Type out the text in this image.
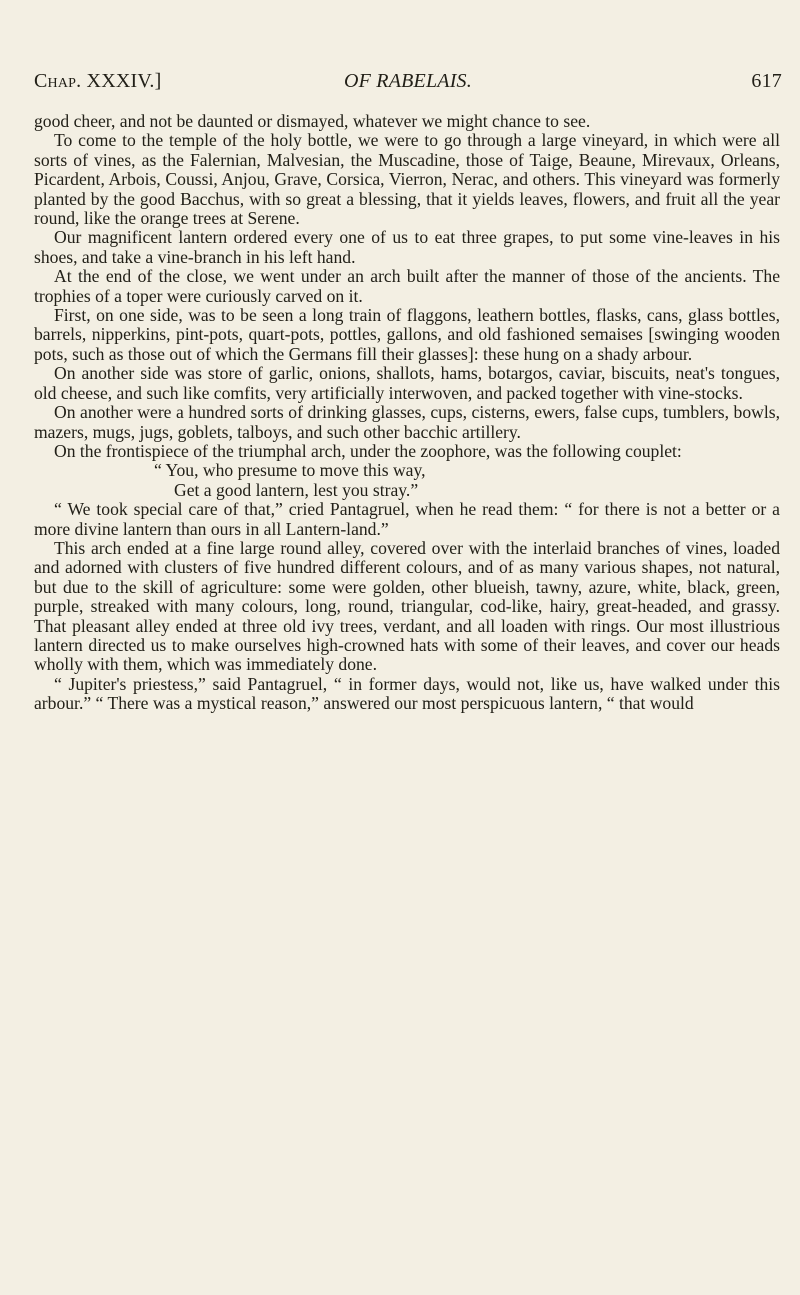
Chap. XXXIV.]	OF RABELAIS.	617

good cheer, and not be daunted or dismayed, whatever we might chance to see.

To come to the temple of the holy bottle, we were to go through a large vineyard, in which were all sorts of vines, as the Falernian, Malvesian, the Muscadine, those of Taige, Beaune, Mirevaux, Orleans, Picardent, Arbois, Coussi, Anjou, Grave, Corsica, Vierron, Nerac, and others. This vineyard was formerly planted by the good Bacchus, with so great a blessing, that it yields leaves, flowers, and fruit all the year round, like the orange trees at Serene.

Our magnificent lantern ordered every one of us to eat three grapes, to put some vine-leaves in his shoes, and take a vine-branch in his left hand.

At the end of the close, we went under an arch built after the manner of those of the ancients. The trophies of a toper were curiously carved on it.

First, on one side, was to be seen a long train of flaggons, leathern bottles, flasks, cans, glass bottles, barrels, nipperkins, pint-pots, quart-pots, pottles, gallons, and old fashioned semaises [swinging wooden pots, such as those out of which the Germans fill their glasses]: these hung on a shady arbour.

On another side was store of garlic, onions, shallots, hams, botargos, caviar, biscuits, neat's tongues, old cheese, and such like comfits, very artificially interwoven, and packed together with vine-stocks.

On another were a hundred sorts of drinking glasses, cups, cisterns, ewers, false cups, tumblers, bowls, mazers, mugs, jugs, goblets, talboys, and such other bacchic artillery.

On the frontispiece of the triumphal arch, under the zoophore, was the following couplet:

“ You, who presume to move this way,
Get a good lantern, lest you stray.”

“ We took special care of that,” cried Pantagruel, when he read them: “ for there is not a better or a more divine lantern than ours in all Lantern-land.”

This arch ended at a fine large round alley, covered over with the interlaid branches of vines, loaded and adorned with clusters of five hundred different colours, and of as many various shapes, not natural, but due to the skill of agriculture: some were golden, other blueish, tawny, azure, white, black, green, purple, streaked with many colours, long, round, triangular, cod-like, hairy, great-headed, and grassy. That pleasant alley ended at three old ivy trees, verdant, and all loaden with rings. Our most illustrious lantern directed us to make ourselves high-crowned hats with some of their leaves, and cover our heads wholly with them, which was immediately done.

“ Jupiter's priestess,” said Pantagruel, “ in former days, would not, like us, have walked under this arbour.” “ There was a mystical reason,” answered our most perspicuous lantern, “ that would
